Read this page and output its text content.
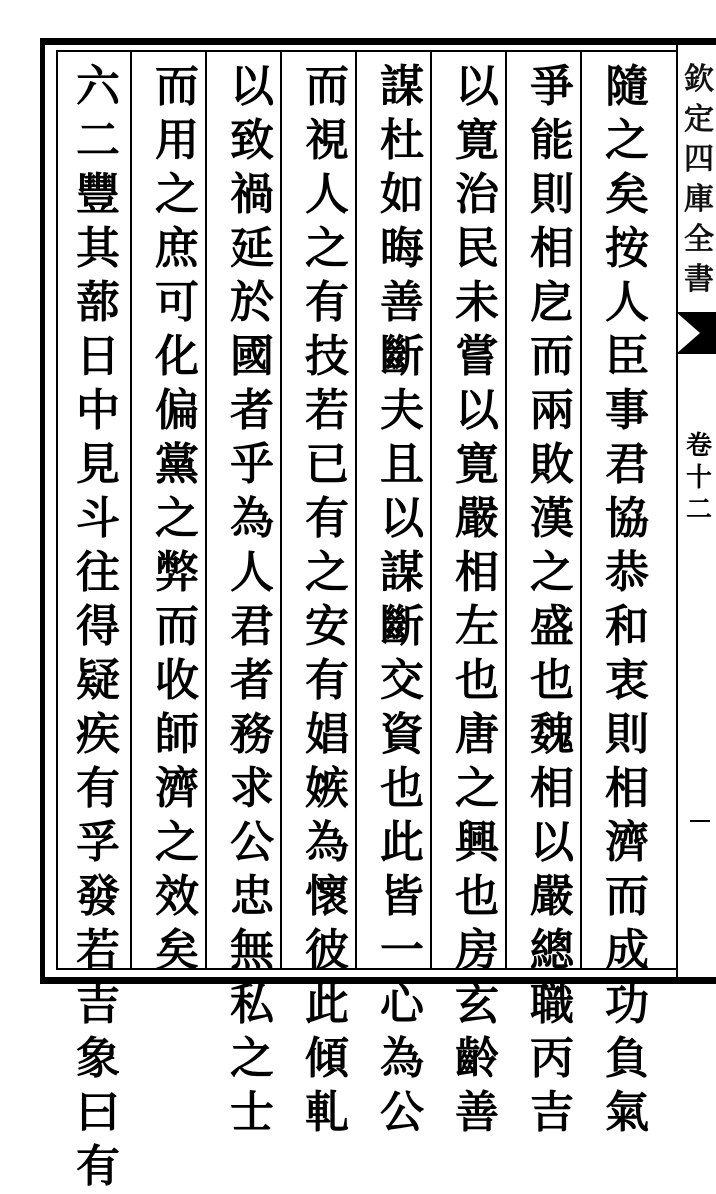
隨
之
矣
按
人
臣
事
君
協
恭
和
衷
則
相
濟
而
成
功
負
氣
爭
能
則
相
戹
而
兩
敗
漢
之
盛
也
魏
相
以
嚴
總
職
丙
吉
以
寛
治
民
未
嘗
以
寛
嚴
相
左
也
唐
之
興
也
房
玄
齡
善
謀
杜
如
晦
善
斷
夫
且
以
謀
斷
交
資
也
此
皆
一
心
為
公
而
視
人
之
有
技
若
已
有
之
安
有
娼
嫉
為
懷
彼
此
傾
軋
以
致
禍
延
於
國
者
乎
為
人
君
者
務
求
公
忠
無
私
之
士
而
用
之
庶
可
化
偏
黨
之
弊
而
收
師
濟
之
效
矣
六
二
豐
其
蔀
日
中
見
斗
往
得
疑
疾
有
孚
發
若
吉
象
曰
有
欽
定
四
庫
全
書
卷
十
二
